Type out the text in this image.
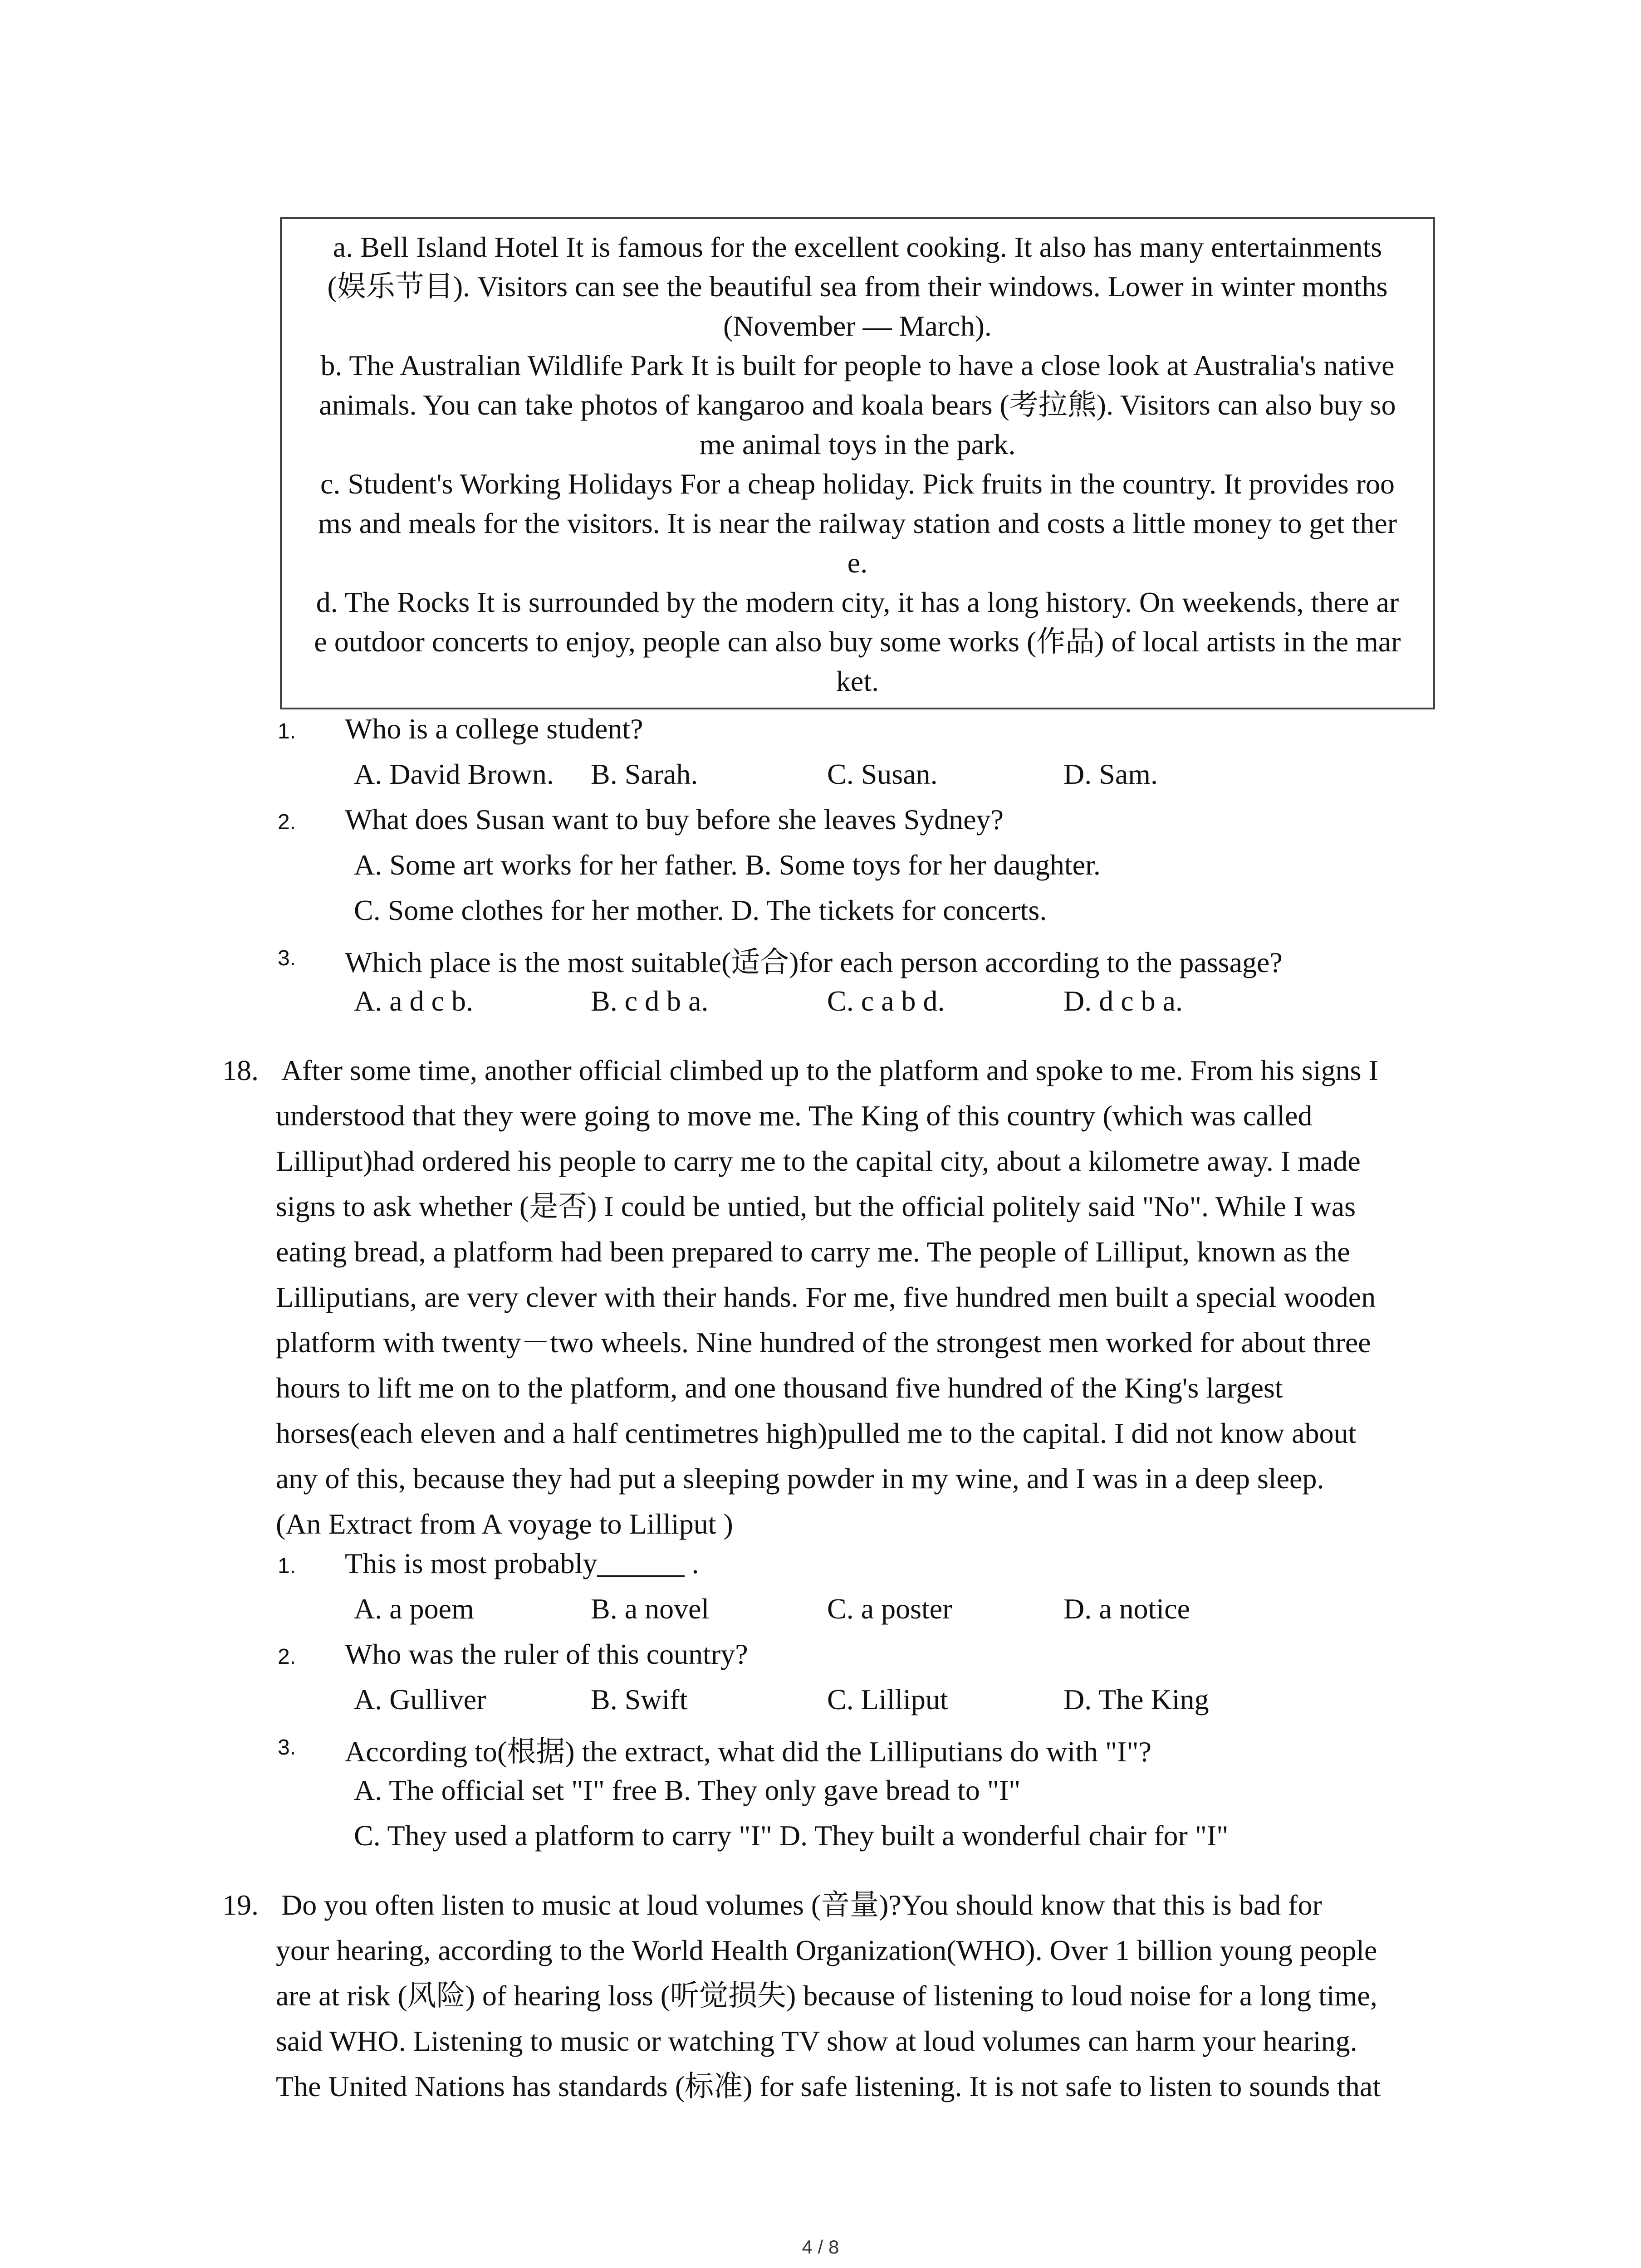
a. Bell Island Hotel It is famous for the excellent cooking. It also has many entertainments

(娱乐节目). Visitors can see the beautiful sea from their windows. Lower in winter months

(November — March).

b. The Australian Wildlife Park It is built for people to have a close look at Australia's native

animals. You can take photos of kangaroo and koala bears (考拉熊). Visitors can also buy so

me animal toys in the park.

c. Student's Working Holidays For a cheap holiday. Pick fruits in the country. It provides roo

ms and meals for the visitors. It is near the railway station and costs a little money to get ther

e.

d. The Rocks It is surrounded by the modern city, it has a long history. On weekends, there ar

e outdoor concerts to enjoy, people can also buy some works (作品) of local artists in the mar

ket.

1. Who is a college student?
A. David Brown. B. Sarah.	C. Susan.	D. Sam.
2. What does Susan want to buy before she leaves Sydney?
A. Some art works for her father. B. Some toys for her daughter.
C. Some clothes for her mother. D. The tickets for concerts.
3. Which place is the most suitable(适合)for each person according to the passage?
A. a d c b.	B. c d b a.	C. c a b d.	D. d c b a.
18. After some time, another official climbed up to the platform and spoke to me. From his signs I
understood that they were going to move me. The King of this country (which was called
Lilliput)had ordered his people to carry me to the capital city, about a kilometre away. I made
signs to ask whether (是否) I could be untied, but the official politely said "No". While I was
eating bread, a platform had been prepared to carry me. The people of Lilliput, known as the
Lilliputians, are very clever with their hands. For me, five hundred men built a special wooden
platform with twenty－two wheels. Nine hundred of the strongest men worked for about three
hours to lift me on to the platform, and one thousand five hundred of the King's largest
horses(each eleven and a half centimetres high)pulled me to the capital. I did not know about
any of this, because they had put a sleeping powder in my wine, and I was in a deep sleep.
(An Extract from A voyage to Lilliput )
1. This is most probably______ .
A. a poem	B. a novel	C. a poster	D. a notice
2. Who was the ruler of this country?
A. Gulliver	B. Swift	C. Lilliput	D. The King
3. According to(根据) the extract, what did the Lilliputians do with "I"?
A. The official set "I" free B. They only gave bread to "I"
C. They used a platform to carry "I" D. They built a wonderful chair for "I"
19. Do you often listen to music at loud volumes (音量)?You should know that this is bad for
your hearing, according to the World Health Organization(WHO). Over 1 billion young people
are at risk (风险) of hearing loss (听觉损失) because of listening to loud noise for a long time,
said WHO. Listening to music or watching TV show at loud volumes can harm your hearing.
The United Nations has standards (标准) for safe listening. It is not safe to listen to sounds that
4 / 8
